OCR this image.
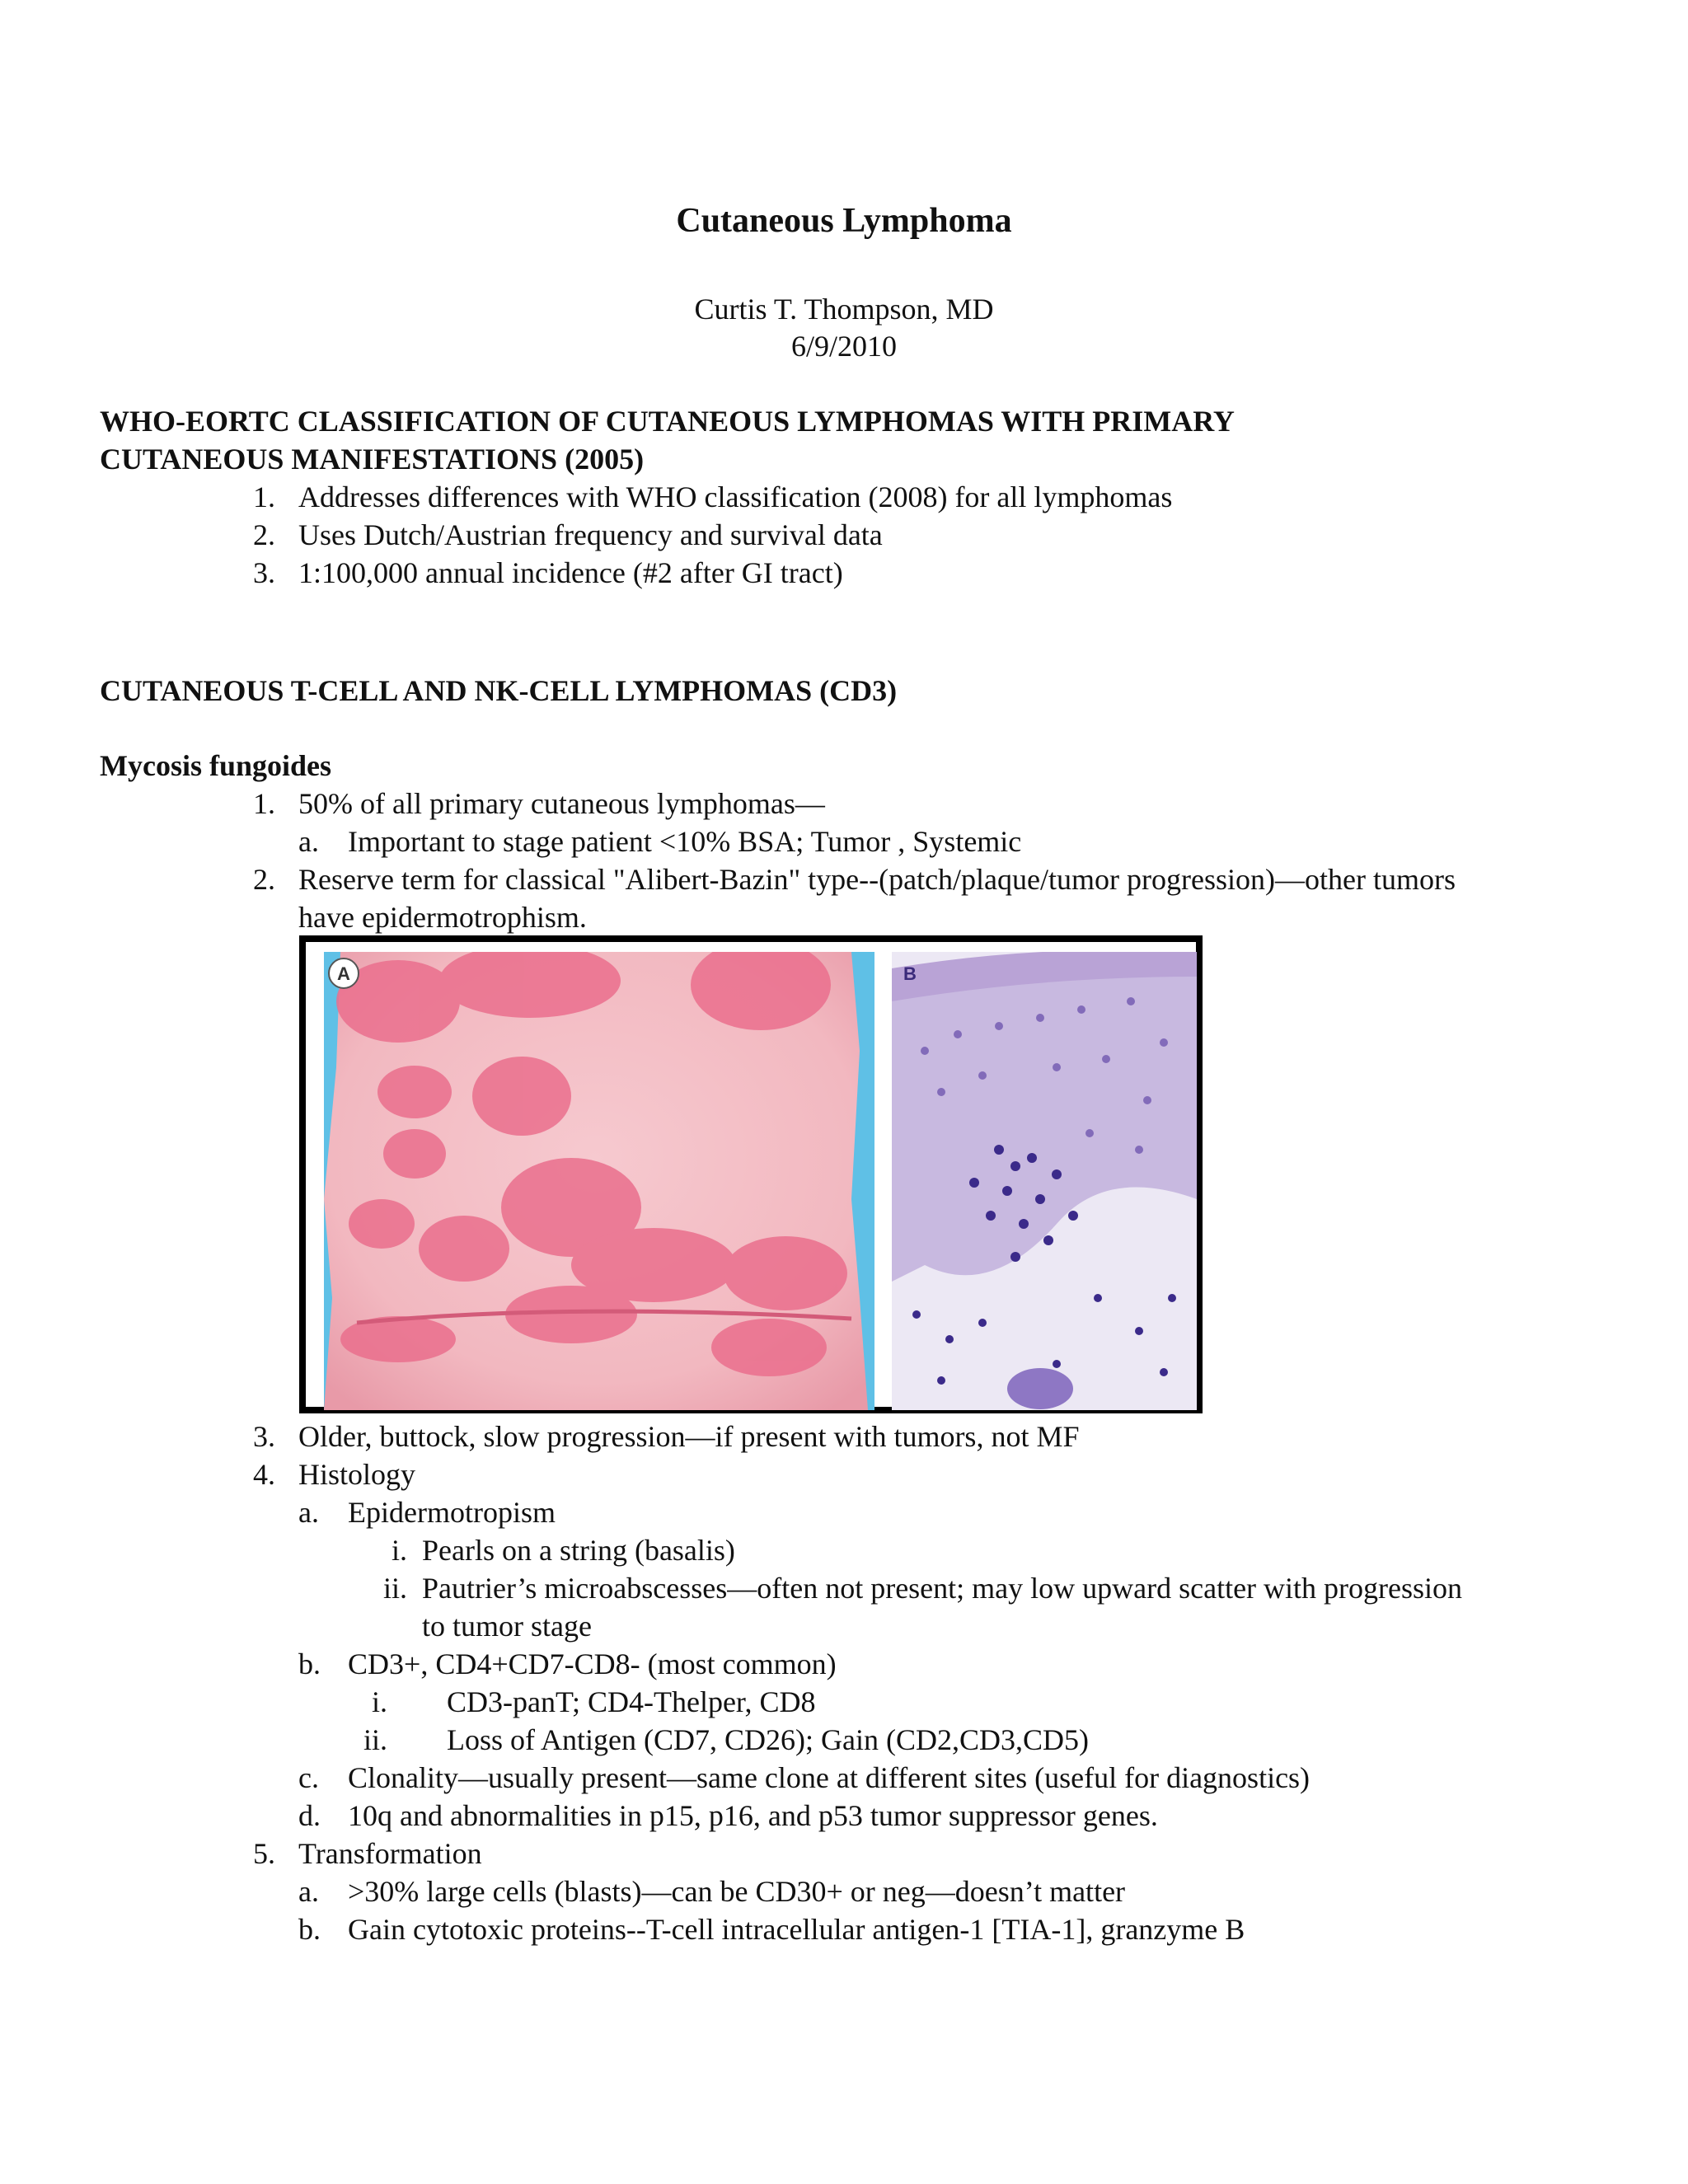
Cutaneous Lymphoma
Curtis T. Thompson, MD
6/9/2010
WHO-EORTC CLASSIFICATION OF CUTANEOUS LYMPHOMAS WITH PRIMARY
CUTANEOUS MANIFESTATIONS (2005)
1. Addresses differences with WHO classification (2008) for all lymphomas
2. Uses Dutch/Austrian frequency and survival data
3. 1:100,000 annual incidence (#2 after GI tract)
CUTANEOUS T-CELL AND NK-CELL LYMPHOMAS (CD3)
Mycosis fungoides
1. 50% of all primary cutaneous lymphomas—
a. Important to stage patient <10% BSA; Tumor , Systemic
2. Reserve term for classical "Alibert-Bazin" type--(patch/plaque/tumor progression)—other tumors
have epidermotrophism.
A	B
3. Older, buttock, slow progression—if present with tumors, not MF
4. Histology
a. Epidermotropism
i. Pearls on a string (basalis)
ii. Pautrier’s microabscesses—often not present; may low upward scatter with progression
to tumor stage
b. CD3+, CD4+CD7-CD8- (most common)
i. CD3-panT; CD4-Thelper, CD8
ii. Loss of Antigen (CD7, CD26); Gain (CD2,CD3,CD5)
c. Clonality—usually present—same clone at different sites (useful for diagnostics)
d. 10q and abnormalities in p15, p16, and p53 tumor suppressor genes.
5. Transformation
a. >30% large cells (blasts)—can be CD30+ or neg—doesn’t matter
b. Gain cytotoxic proteins--T-cell intracellular antigen-1 [TIA-1], granzyme B
